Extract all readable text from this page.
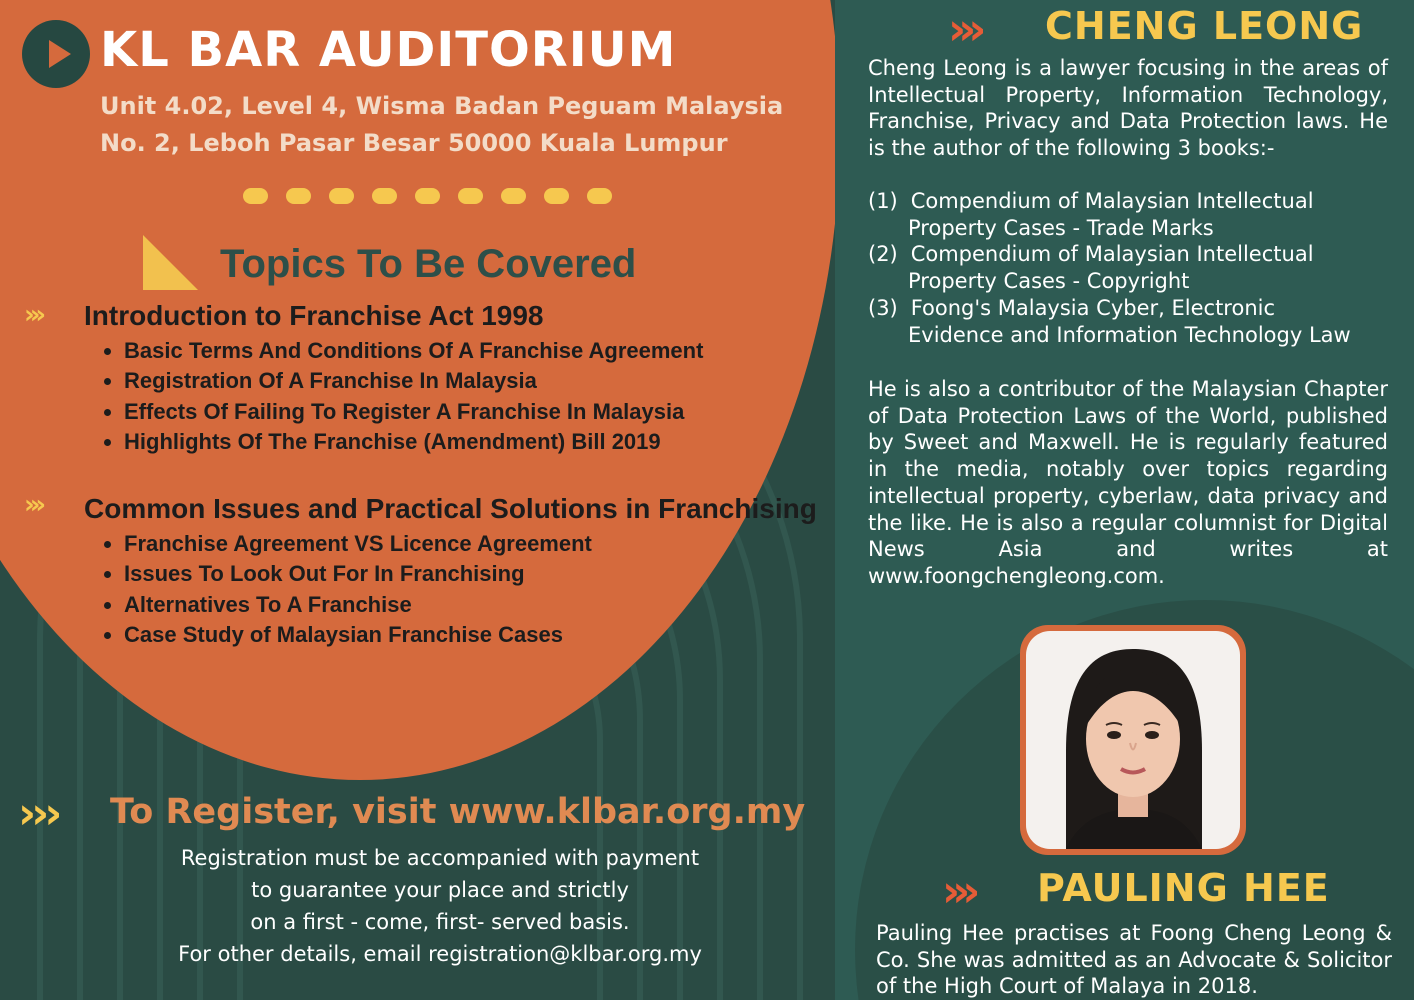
KL BAR AUDITORIUM
Unit 4.02, Level 4, Wisma Badan Peguam Malaysia
No. 2, Leboh Pasar Besar 50000 Kuala Lumpur
Topics To Be Covered
››› Introduction to Franchise Act 1998
• Basic Terms And Conditions Of A Franchise Agreement
• Registration Of A Franchise In Malaysia
• Effects Of Failing To Register A Franchise In Malaysia
• Highlights Of The Franchise (Amendment) Bill 2019
››› Common Issues and Practical Solutions in Franchising
• Franchise Agreement VS Licence Agreement
• Issues To Look Out For In Franchising
• Alternatives To A Franchise
• Case Study of Malaysian Franchise Cases
››› To Register, visit www.klbar.org.my
Registration must be accompanied with payment
to guarantee your place and strictly
on a first - come, first- served basis.
For other details, email registration@klbar.org.my
››› CHENG LEONG

Cheng Leong is a lawyer focusing in the areas of Intellectual Property, Information Technology, Franchise, Privacy and Data Protection laws. He is the author of the following 3 books:-

(1) Compendium of Malaysian Intellectual
Property Cases - Trade Marks
(2) Compendium of Malaysian Intellectual
Property Cases - Copyright
(3) Foong's Malaysia Cyber, Electronic
Evidence and Information Technology Law

He is also a contributor of the Malaysian Chapter of Data Protection Laws of the World, published by Sweet and Maxwell. He is regularly featured in the media, notably over topics regarding intellectual property, cyberlaw, data privacy and the like. He is also a regular columnist for Digital News Asia and writes at www.foongchengleong.com.

››› PAULING HEE

Pauling Hee practises at Foong Cheng Leong & Co. She was admitted as an Advocate & Solicitor of the High Court of Malaya in 2018.
